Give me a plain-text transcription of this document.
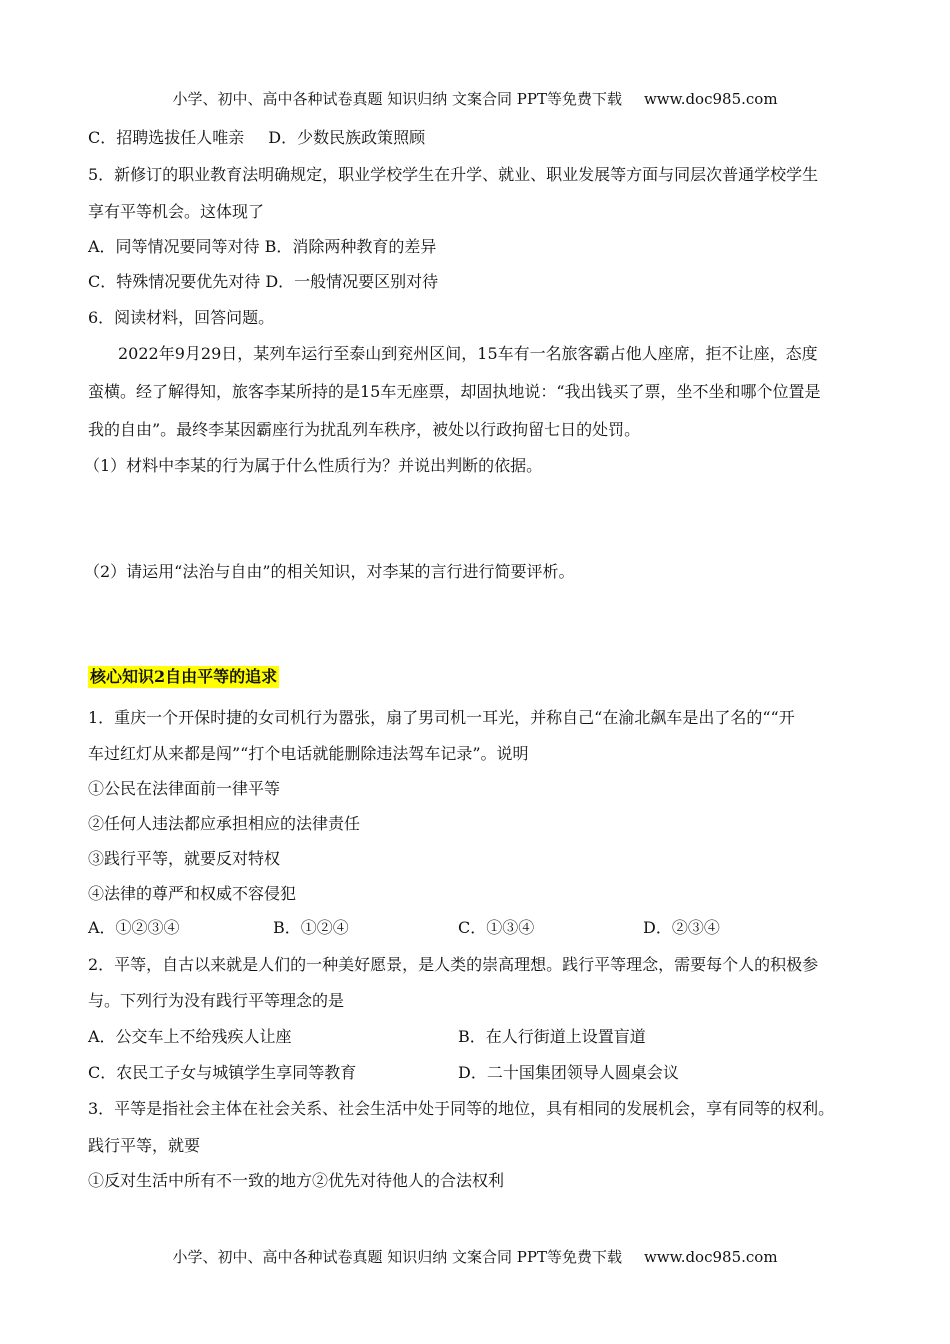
小学、初中、高中各种试卷真题 知识归纳 文案合同 PPT等免费下载 www.doc985.com
C．招聘选拔任人唯亲 D．少数民族政策照顾
5．新修订的职业教育法明确规定，职业学校学生在升学、就业、职业发展等方面与同层次普通学校学生
享有平等机会。这体现了
A．同等情况要同等对待 B．消除两种教育的差异
C．特殊情况要优先对待 D．一般情况要区别对待
6．阅读材料，回答问题。
2022年9月29日，某列车运行至泰山到兖州区间，15车有一名旅客霸占他人座席，拒不让座，态度
蛮横。经了解得知，旅客李某所持的是15车无座票，却固执地说：“我出钱买了票，坐不坐和哪个位置是
我的自由”。最终李某因霸座行为扰乱列车秩序，被处以行政拘留七日的处罚。
（1）材料中李某的行为属于什么性质行为？并说出判断的依据。
（2）请运用“法治与自由”的相关知识，对李某的言行进行简要评析。
核心知识2自由平等的追求
1．重庆一个开保时捷的女司机行为嚣张，扇了男司机一耳光，并称自己“在渝北飙车是出了名的““开
车过红灯从来都是闯”“打个电话就能删除违法驾车记录”。说明
①公民在法律面前一律平等
②任何人违法都应承担相应的法律责任
③践行平等，就要反对特权
④法律的尊严和权威不容侵犯
A．①②③④	B．①②④	C．①③④	D．②③④
2．平等，自古以来就是人们的一种美好愿景，是人类的崇高理想。践行平等理念，需要每个人的积极参
与。下列行为没有践行平等理念的是
A．公交车上不给残疾人让座	B．在人行街道上设置盲道
C．农民工子女与城镇学生享同等教育	D．二十国集团领导人圆桌会议
3．平等是指社会主体在社会关系、社会生活中处于同等的地位，具有相同的发展机会，享有同等的权利。
践行平等，就要
①反对生活中所有不一致的地方②优先对待他人的合法权利
小学、初中、高中各种试卷真题 知识归纳 文案合同 PPT等免费下载 www.doc985.com
